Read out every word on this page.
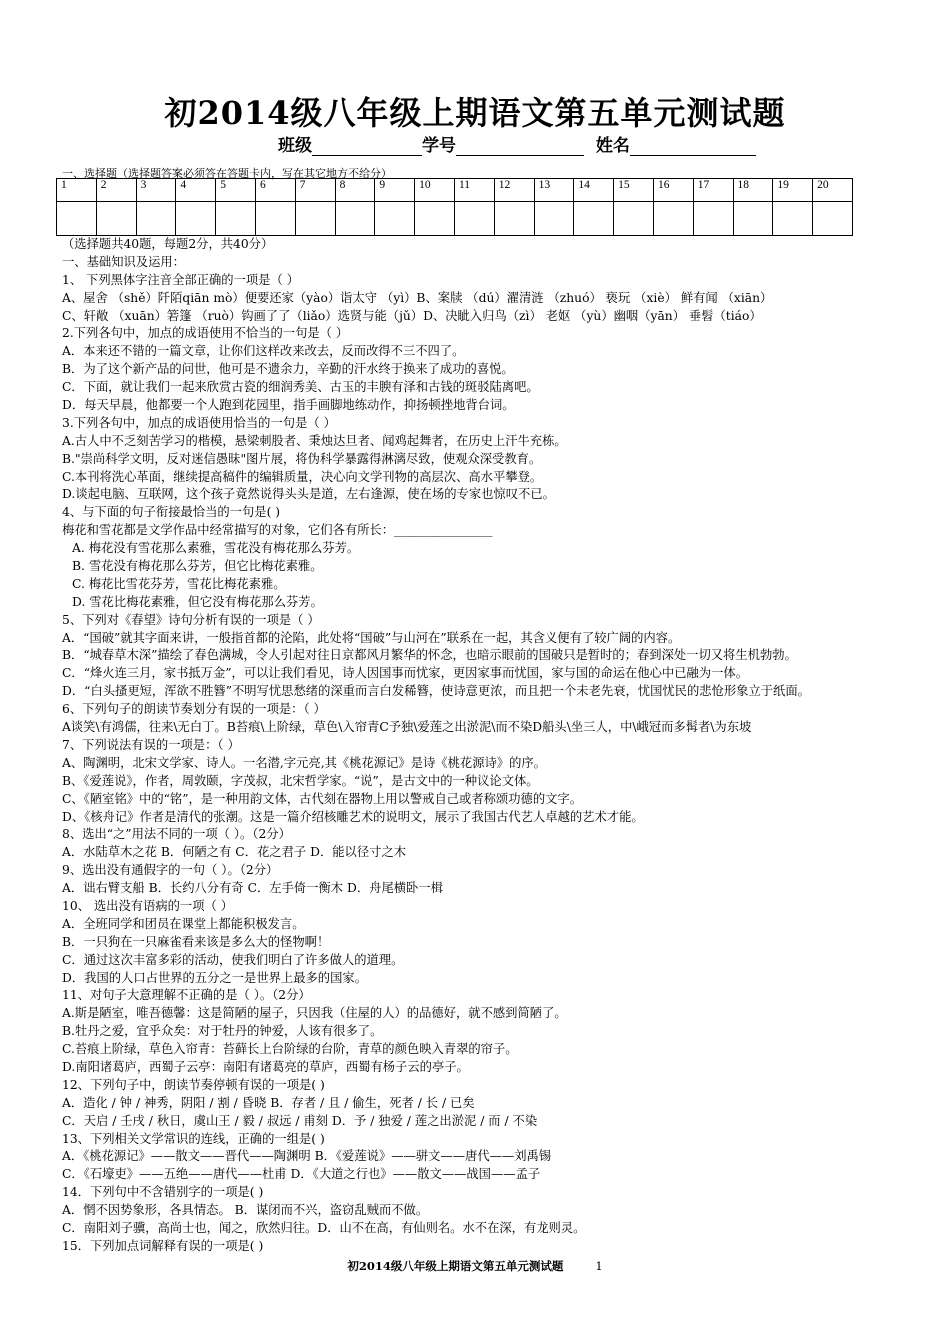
初2014级八年级上期语文第五单元测试题
班级	学号	姓名
一、选择题（选择题答案必须答在答题卡内，写在其它地方不给分）
1	2	3	4	5	6	7	8	9	10	11	12	13	14	15	16	17	18	19	20

（选择题共40题，每题2分，共40分）
一、基础知识及运用：
1、 下列黑体字注音全部正确的一项是（ ）
A、屋舍 （shě）阡陌qiān mò）便要还家（yào）诣太守 （yì）B、案牍 （dú）濯清涟 （zhuó） 亵玩 （xiè） 鲜有闻 （xiān）
C、轩敞 （xuān）箬篷 （ruò）钩画了了（liǎo）选贤与能（jǔ）D、决眦入归鸟（zì） 老妪 （yù）幽咽（yān） 垂髫（tiáo）
2.下列各句中，加点的成语使用不恰当的一句是（ ）
A．本来还不错的一篇文章，让你们这样改来改去，反而改得不三不四了。
B．为了这个新产品的问世，他可是不遗余力，辛勤的汗水终于换来了成功的喜悦。
C．下面，就让我们一起来欣赏古瓷的细润秀美、古玉的丰腴有泽和古钱的斑驳陆离吧。
D．每天早晨，他都要一个人跑到花园里，指手画脚地练动作，抑扬顿挫地背台词。
3.下列各句中，加点的成语使用恰当的一句是（ ）
A.古人中不乏刻苦学习的楷模，悬梁刺股者、秉烛达旦者、闻鸡起舞者，在历史上汗牛充栋。
B."崇尚科学文明，反对迷信愚昧"图片展，将伪科学暴露得淋漓尽致，使观众深受教育。
C.本刊将洗心革面，继续提高稿件的编辑质量，决心向文学刊物的高层次、高水平攀登。
D.谈起电脑、互联网，这个孩子竟然说得头头是道，左右逢源，使在场的专家也惊叹不已。
4、与下面的句子衔接最恰当的一句是( )
梅花和雪花都是文学作品中经常描写的对象，它们各有所长：________________
A. 梅花没有雪花那么素雅，雪花没有梅花那么芬芳。
B. 雪花没有梅花那么芬芳，但它比梅花素雅。
C. 梅花比雪花芬芳，雪花比梅花素雅。
D. 雪花比梅花素雅，但它没有梅花那么芬芳。
5、下列对《春望》诗句分析有误的一项是（ ）
A．“国破”就其字面来讲，一般指首都的沦陷，此处将“国破”与山河在”联系在一起，其含义便有了较广阔的内容。
B．“城春草木深”描绘了春色满城，令人引起对往日京都风月繁华的怀念，也暗示眼前的国破只是暂时的；春到深处一切又将生机勃勃。
C．“烽火连三月，家书抵万金”，可以让我们看见，诗人因国事而忧家，更因家事而忧国，家与国的命运在他心中已融为一体。
D．“白头搔更短，浑欲不胜簪”不明写忧思愁绪的深重而言白发稀簪，使诗意更浓，而且把一个未老先衰，忧国忧民的悲怆形象立于纸面。
6、下列句子的朗读节奏划分有误的一项是：（ ）
A谈笑\有鸿儒，往来\无白丁。B苔痕\上阶绿，草色\入帘青C予独\爱莲之出淤泥\而不染D船头\坐三人，中\峨冠而多髯者\为东坡
7、下列说法有误的一项是：（ ）
A、陶渊明，北宋文学家、诗人。一名潜,字元亮,其《桃花源记》是诗《桃花源诗》的序。
B、《爱莲说》，作者，周敦颐，字茂叔，北宋哲学家。“说”，是古文中的一种议论文体。
C、《陋室铭》中的“铭”，是一种用韵文体，古代刻在器物上用以警戒自己或者称颂功德的文字。
D、《核舟记》作者是清代的张潮。这是一篇介绍核雕艺术的说明文，展示了我国古代艺人卓越的艺术才能。
8、选出“之”用法不同的一项（ ）。（2分）
A．水陆草木之花 B．何陋之有 C．花之君子 D．能以径寸之木
9、选出没有通假字的一句（ ）。（2分）
A．诎右臂支船 B．长约八分有奇 C．左手倚一衡木 D．舟尾横卧一楫
10、 选出没有语病的一项（ ）
A．全班同学和团员在课堂上都能积极发言。
B．一只狗在一只麻雀看来该是多么大的怪物啊！
C．通过这次丰富多彩的活动，使我们明白了许多做人的道理。
D．我国的人口占世界的五分之一是世界上最多的国家。
11、对句子大意理解不正确的是（ ）。（2分）
A.斯是陋室，唯吾德馨：这是简陋的屋子，只因我（住屋的人）的品德好，就不感到简陋了。
B.牡丹之爱，宜乎众矣：对于牡丹的钟爱，人该有很多了。
C.苔痕上阶绿，草色入帘青：苔藓长上台阶绿的台阶，青草的颜色映入青翠的帘子。
D.南阳诸葛庐，西蜀子云亭：南阳有诸葛亮的草庐，西蜀有杨子云的亭子。
12、下列句子中，朗读节奏停顿有误的一项是( )
A．造化 / 钟 / 神秀，阴阳 / 割 / 昏晓 B．存者 / 且 / 偷生，死者 / 长 / 已矣
C．天启 / 壬戌 / 秋日，虞山王 / 毅 / 叔远 / 甫刻 D．予 / 独爱 / 莲之出淤泥 / 而 / 不染
13、下列相关文学常识的连线，正确的一组是( )
A．《桃花源记》——散文——晋代——陶渊明 B．《爱莲说》——骈文——唐代——刘禹锡
C．《石壕吏》——五绝——唐代——杜甫 D．《大道之行也》——散文——战国——孟子
14．下列句中不含错别字的一项是( )
A．惘不因势象形，各具情态。 B．谋闭而不兴，盗窃乱贼而不做。
C．南阳刘子骥，高尚士也，闻之，欣然归往。D．山不在高，有仙则名。水不在深，有龙则灵。
15．下列加点词解释有误的一项是( )
初2014级八年级上期语文第五单元测试题	1
